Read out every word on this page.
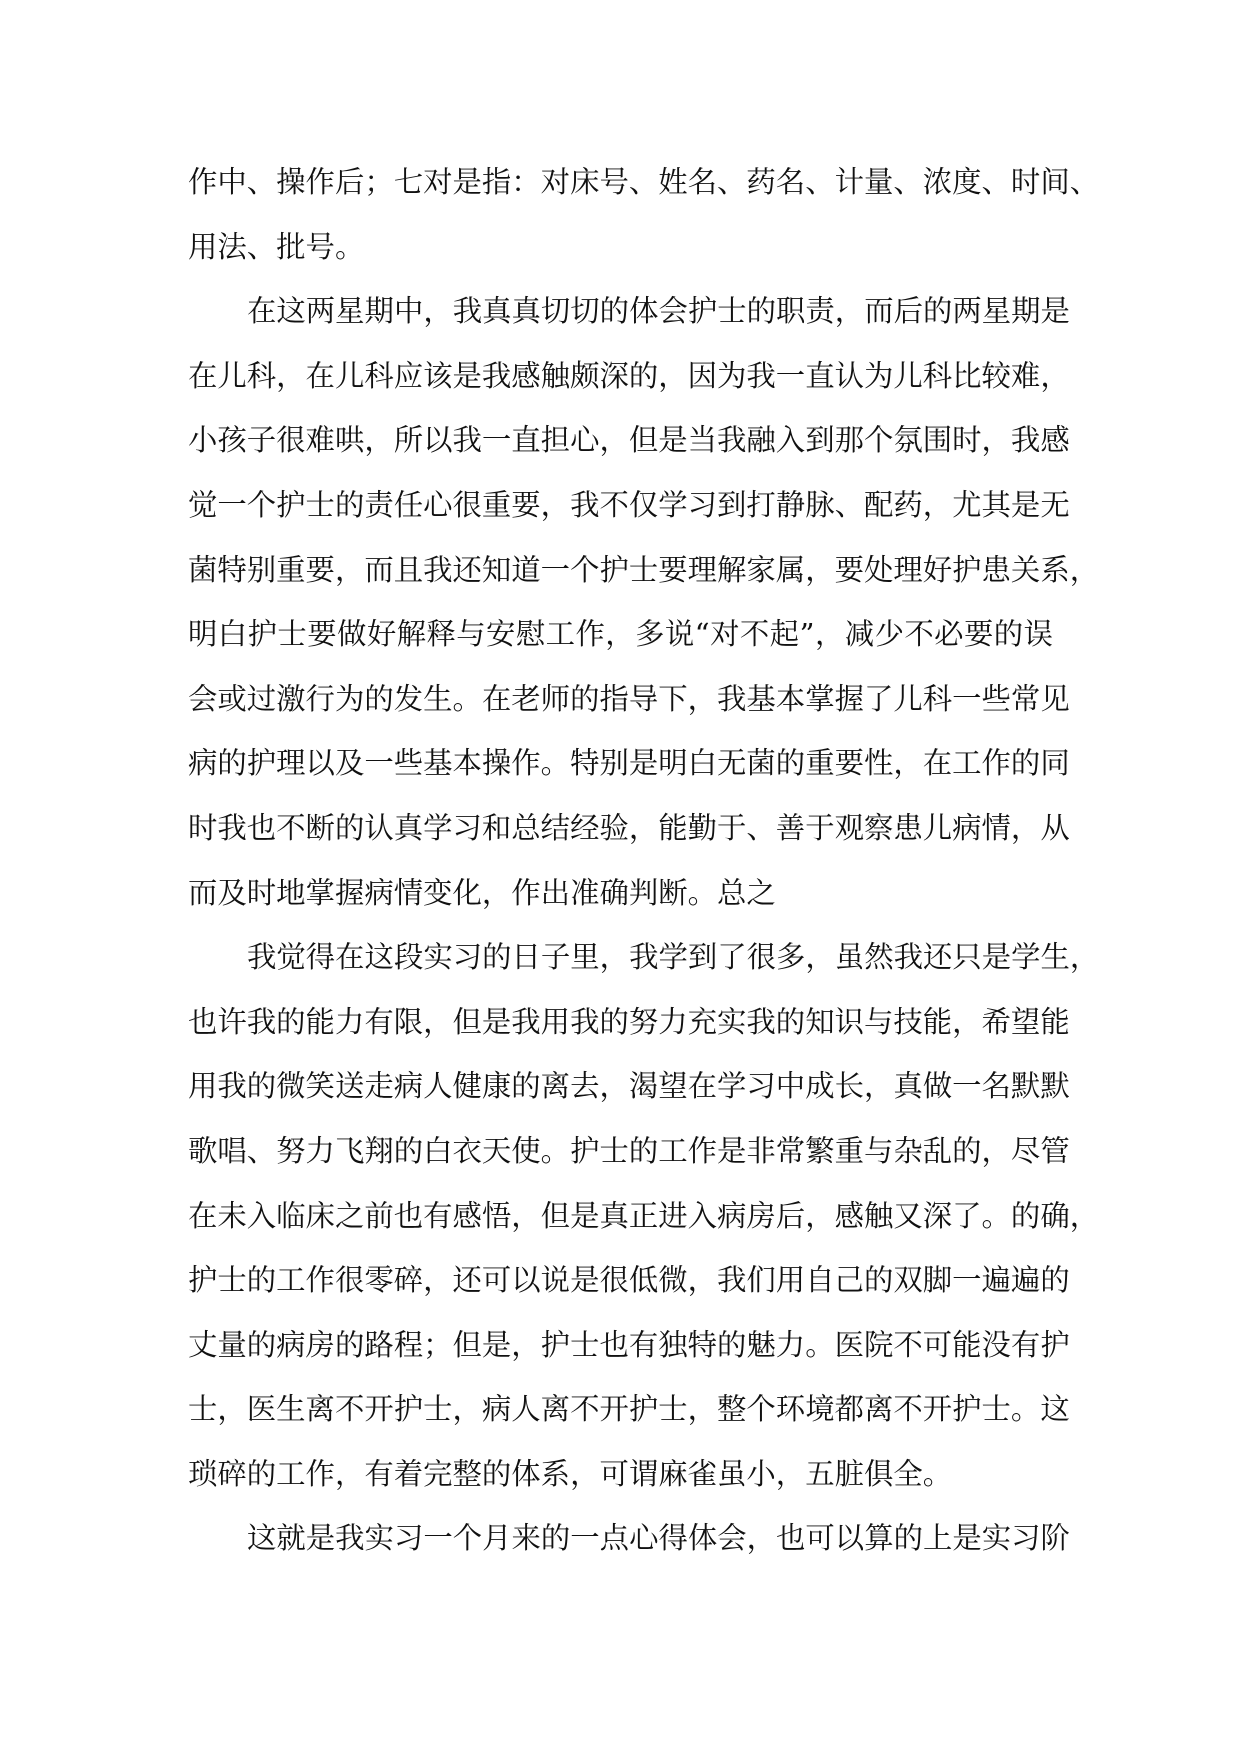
作中、操作后；七对是指：对床号、姓名、药名、计量、浓度、时间、
用法、批号。
在这两星期中，我真真切切的体会护士的职责，而后的两星期是
在儿科，在儿科应该是我感触颇深的，因为我一直认为儿科比较难，
小孩子很难哄，所以我一直担心，但是当我融入到那个氛围时，我感
觉一个护士的责任心很重要，我不仅学习到打静脉、配药，尤其是无
菌特别重要，而且我还知道一个护士要理解家属，要处理好护患关系，
明白护士要做好解释与安慰工作，多说“对不起”，减少不必要的误
会或过激行为的发生。在老师的指导下，我基本掌握了儿科一些常见
病的护理以及一些基本操作。特别是明白无菌的重要性，在工作的同
时我也不断的认真学习和总结经验，能勤于、善于观察患儿病情，从
而及时地掌握病情变化，作出准确判断。总之
我觉得在这段实习的日子里，我学到了很多，虽然我还只是学生，
也许我的能力有限，但是我用我的努力充实我的知识与技能，希望能
用我的微笑送走病人健康的离去，渴望在学习中成长，真做一名默默
歌唱、努力飞翔的白衣天使。护士的工作是非常繁重与杂乱的，尽管
在未入临床之前也有感悟，但是真正进入病房后，感触又深了。的确，
护士的工作很零碎，还可以说是很低微，我们用自己的双脚一遍遍的
丈量的病房的路程；但是，护士也有独特的魅力。医院不可能没有护
士，医生离不开护士，病人离不开护士，整个环境都离不开护士。这
琐碎的工作，有着完整的体系，可谓麻雀虽小，五脏俱全。
这就是我实习一个月来的一点心得体会，也可以算的上是实习阶
